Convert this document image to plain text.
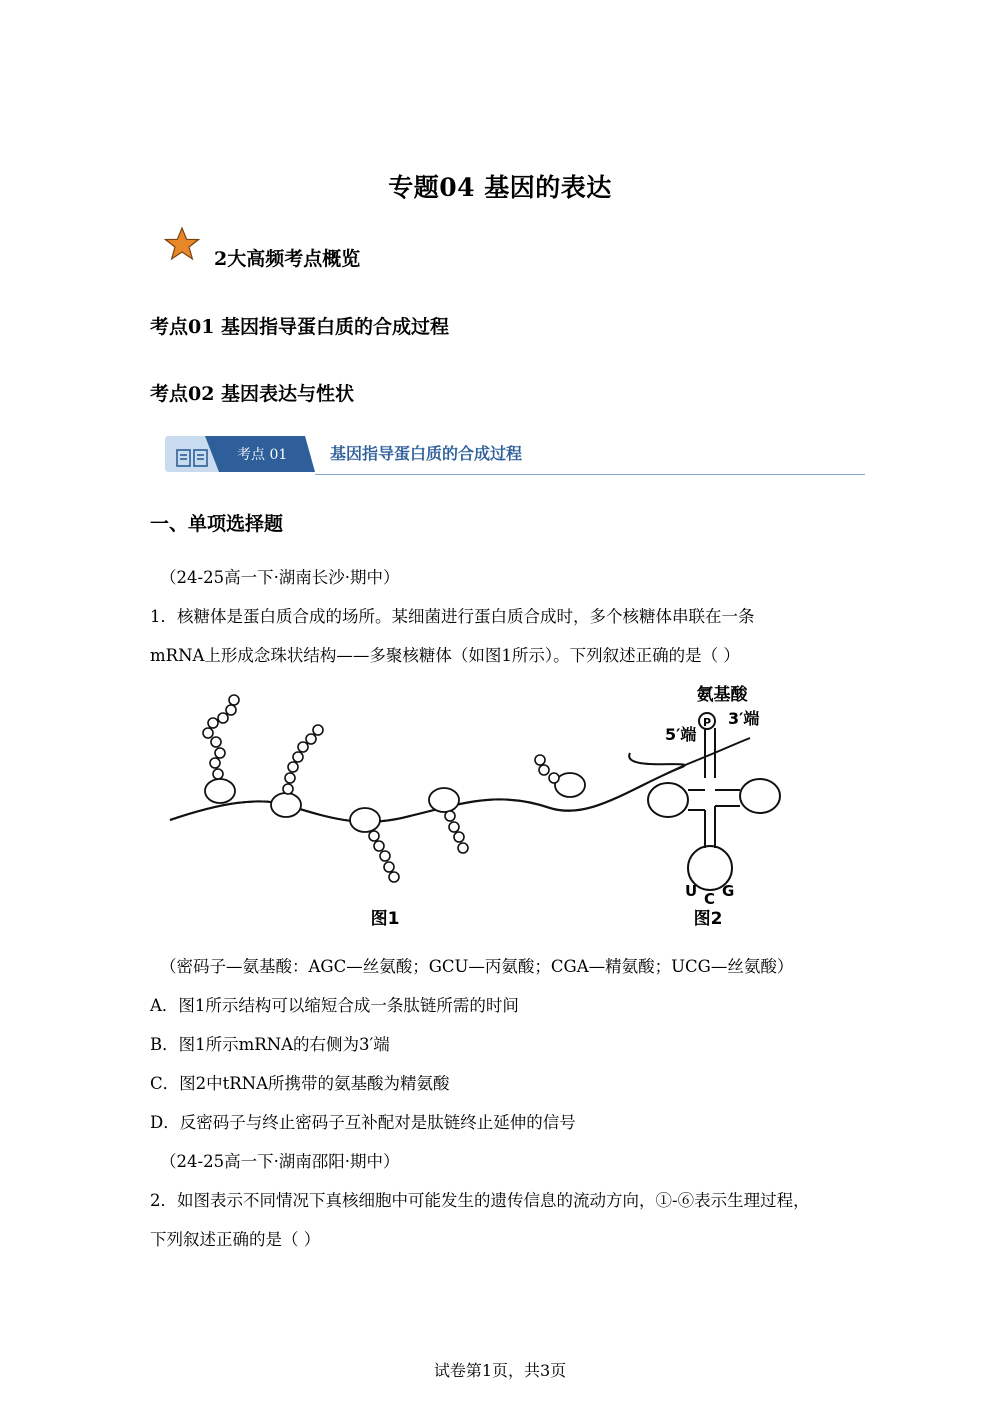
专题04 基因的表达
2大高频考点概览
考点01 基因指导蛋白质的合成过程
考点02 基因表达与性状
考点 01	基因指导蛋白质的合成过程
一、单项选择题
（24-25高一下·湖南长沙·期中）
1．核糖体是蛋白质合成的场所。某细菌进行蛋白质合成时，多个核糖体串联在一条
mRNA上形成念珠状结构——多聚核糖体（如图1所示）。下列叙述正确的是（ ）
图1
氨基酸
P
5′端
3′端
U C G
图2
（密码子—氨基酸：AGC—丝氨酸；GCU—丙氨酸；CGA—精氨酸；UCG—丝氨酸）
A．图1所示结构可以缩短合成一条肽链所需的时间
B．图1所示mRNA的右侧为3′端
C．图2中tRNA所携带的氨基酸为精氨酸
D．反密码子与终止密码子互补配对是肽链终止延伸的信号
（24-25高一下·湖南邵阳·期中）
2．如图表示不同情况下真核细胞中可能发生的遗传信息的流动方向，①-⑥表示生理过程，
下列叙述正确的是（ ）
试卷第1页，共3页
